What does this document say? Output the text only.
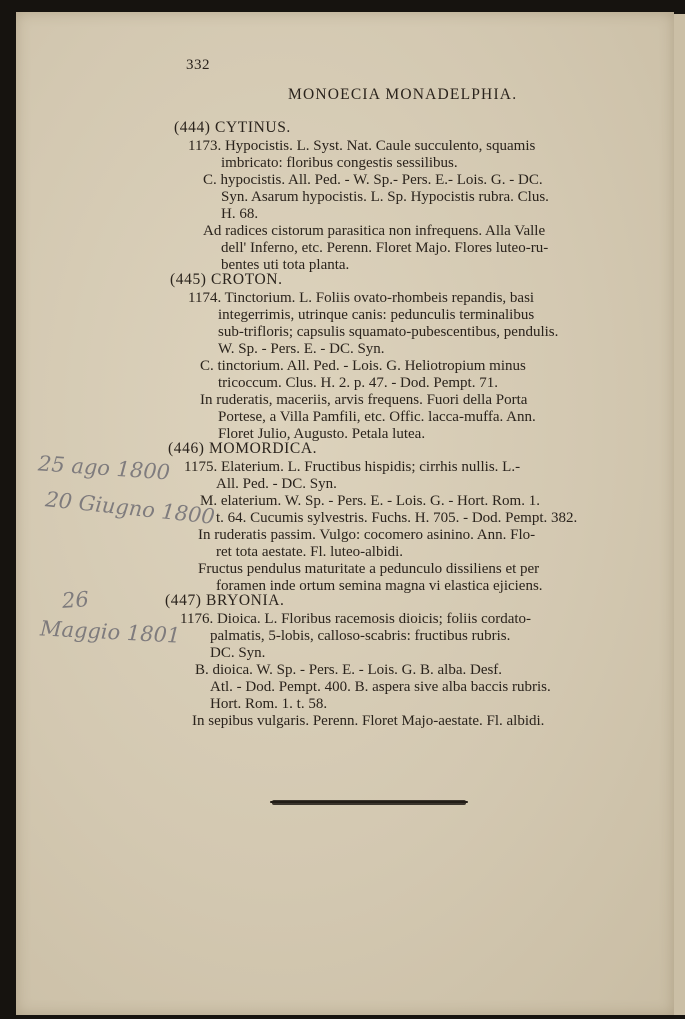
332
MONOECIA MONADELPHIA.
(444) CYTINUS.
1173. Hypocistis. L. Syst. Nat. Caule succulento, squamis
imbricato: floribus congestis sessilibus.
C. hypocistis. All. Ped. - W. Sp.- Pers. E.- Lois. G. - DC.
Syn. Asarum hypocistis. L. Sp. Hypocistis rubra. Clus.
H. 68.
Ad radices cistorum parasitica non infrequens. Alla Valle
dell' Inferno, etc. Perenn. Floret Majo. Flores luteo-ru-
bentes uti tota planta.
(445) CROTON.
1174. Tinctorium. L. Foliis ovato-rhombeis repandis, basi
integerrimis, utrinque canis: pedunculis terminalibus
sub-trifloris; capsulis squamato-pubescentibus, pendulis.
W. Sp. - Pers. E. - DC. Syn.
C. tinctorium. All. Ped. - Lois. G. Heliotropium minus
tricoccum. Clus. H. 2. p. 47. - Dod. Pempt. 71.
In ruderatis, maceriis, arvis frequens. Fuori della Porta
Portese, a Villa Pamfili, etc. Offic. lacca-muffa. Ann.
Floret Julio, Augusto. Petala lutea.
(446) MOMORDICA.
1175. Elaterium. L. Fructibus hispidis; cirrhis nullis. L.-
All. Ped. - DC. Syn.
M. elaterium. W. Sp. - Pers. E. - Lois. G. - Hort. Rom. 1.
t. 64. Cucumis sylvestris. Fuchs. H. 705. - Dod. Pempt. 382.
In ruderatis passim. Vulgo: cocomero asinino. Ann. Flo-
ret tota aestate. Fl. luteo-albidi.
Fructus pendulus maturitate a pedunculo dissiliens et per
foramen inde ortum semina magna vi elastica ejiciens.
(447) BRYONIA.
1176. Dioica. L. Floribus racemosis dioicis; foliis cordato-
palmatis, 5-lobis, calloso-scabris: fructibus rubris.
DC. Syn.
B. dioica. W. Sp. - Pers. E. - Lois. G. B. alba. Desf.
Atl. - Dod. Pempt. 400. B. aspera sive alba baccis rubris.
Hort. Rom. 1. t. 58.
In sepibus vulgaris. Perenn. Floret Majo-aestate. Fl. albidi.
25 ago 1800
20 Giugno 1800
26
Maggio 1801
